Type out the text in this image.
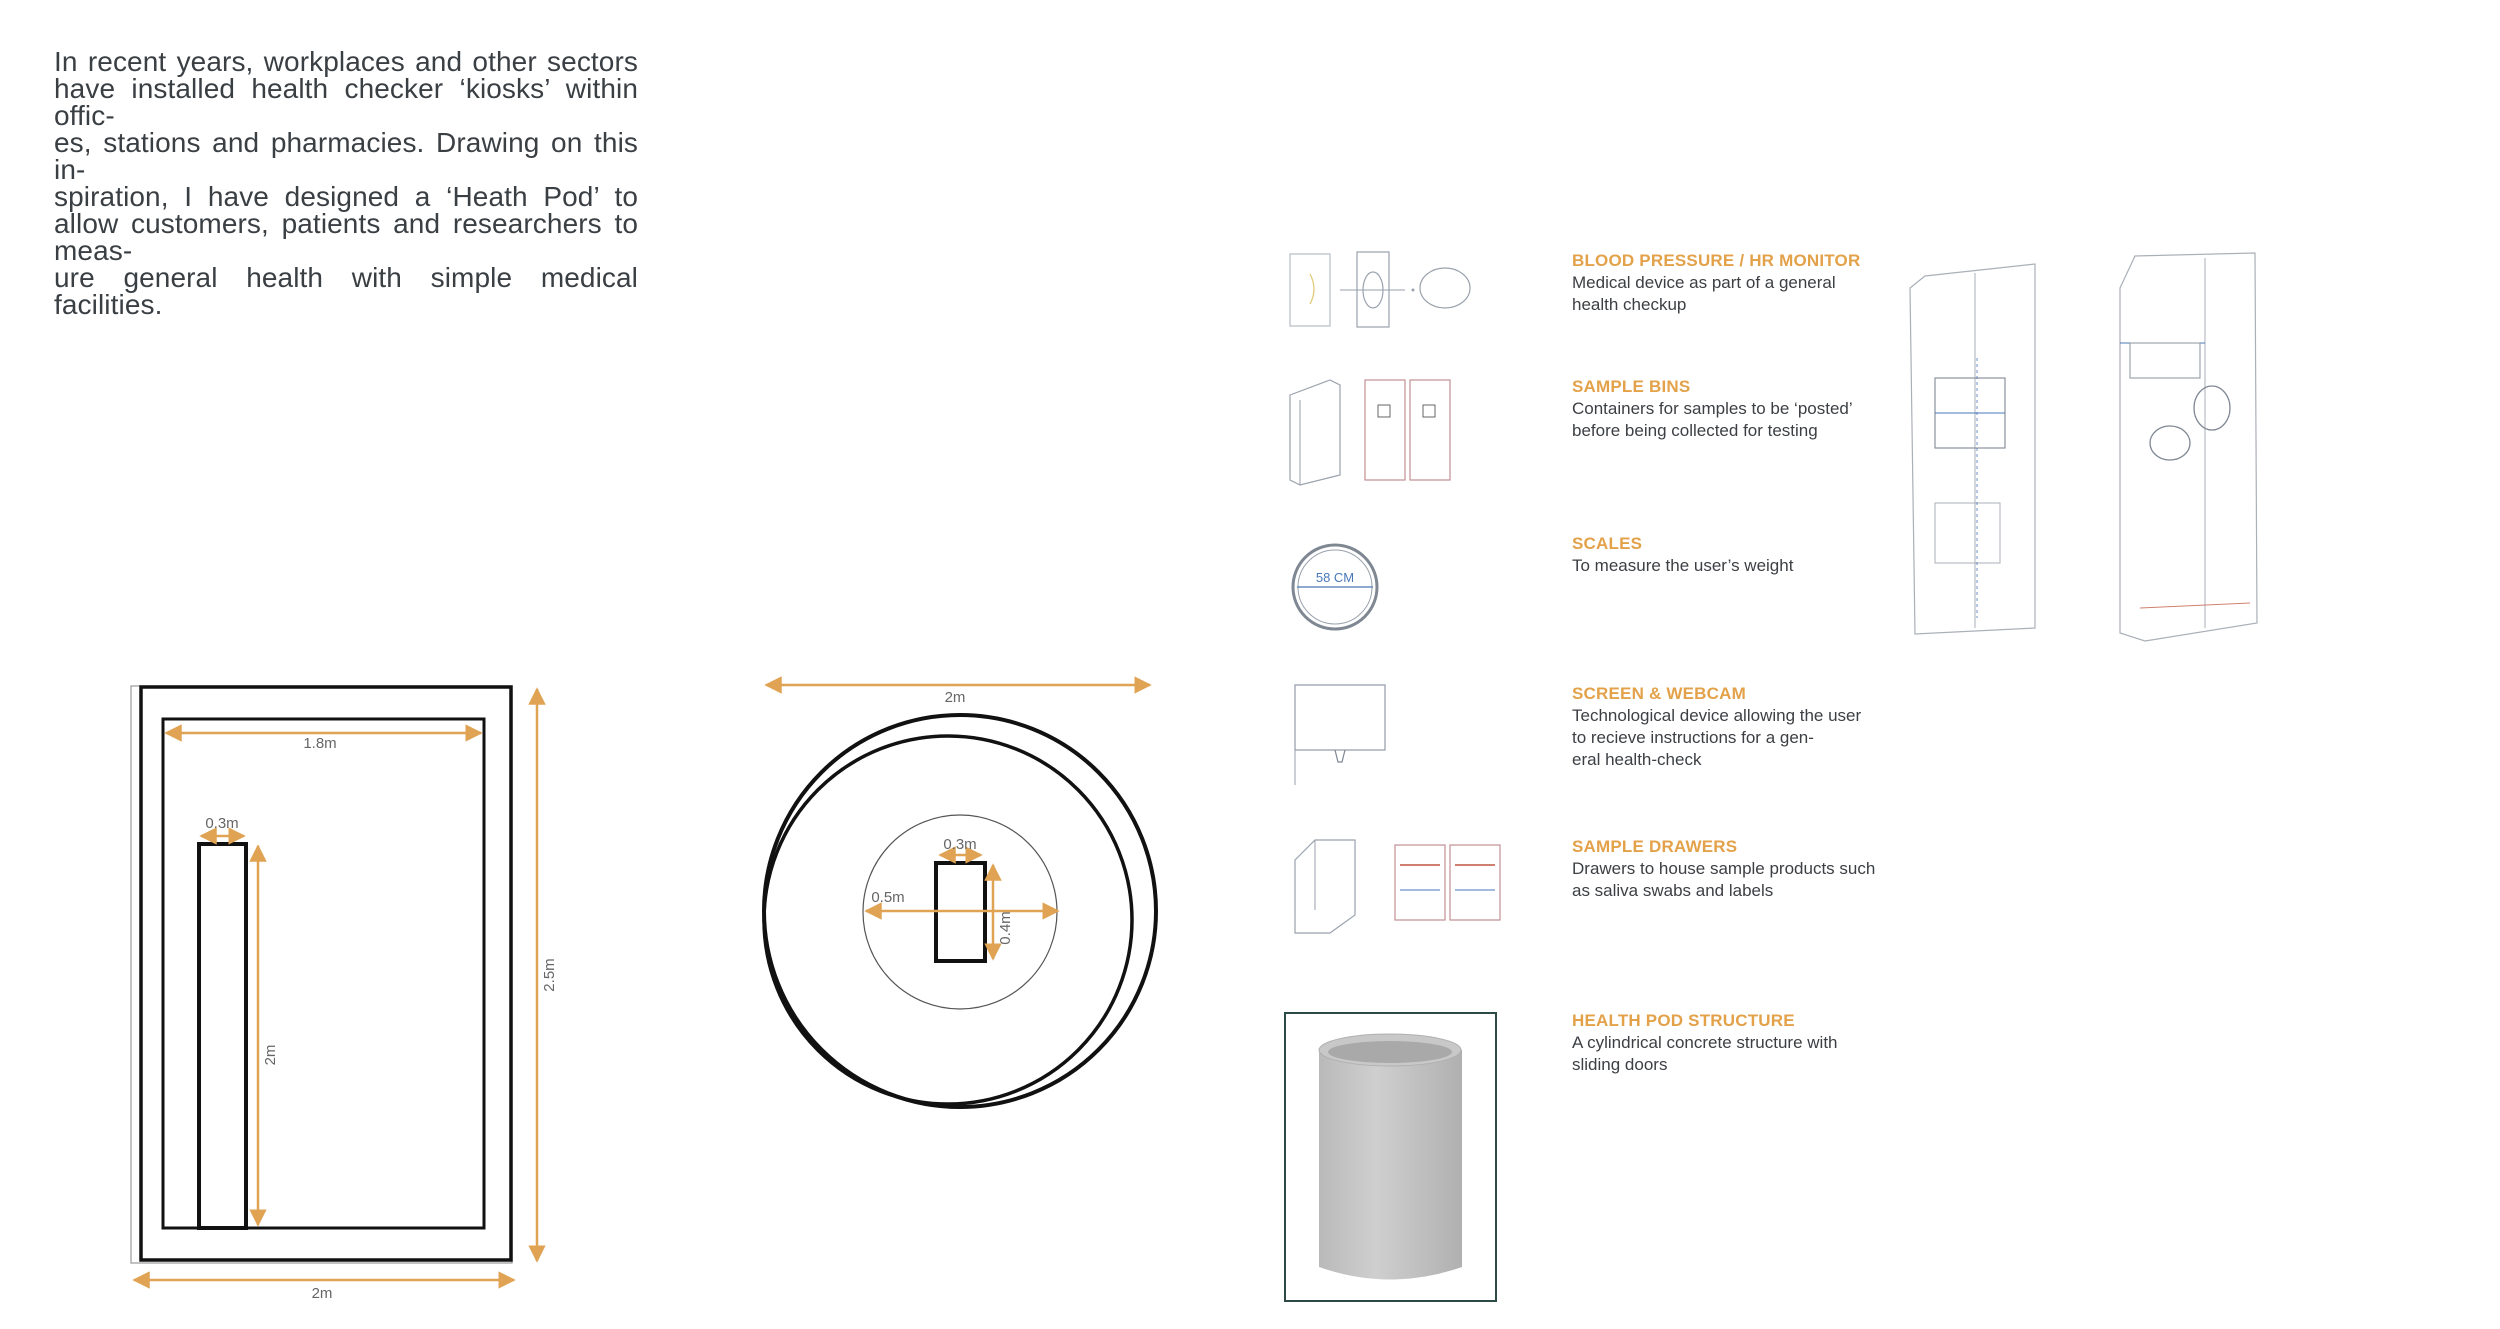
In recent years, workplaces and other sectors have installed health checker ‘kiosks’ within offic-
es, stations and pharmacies. Drawing on this in-
spiration, I have designed a ‘Heath Pod’ to allow customers, patients and researchers to meas-
ure general health with simple medical facilities.
1.8m
0.3m
2m
2.5m
2m
2m
0.3m
0.5m
0.4m
58 CM
BLOOD PRESSURE / HR MONITOR
Medical device as part of a general health checkup
SAMPLE BINS
Containers for samples to be ‘posted’ before being collected for testing
SCALES
To measure the user’s weight
SCREEN & WEBCAM
Technological device allowing the user to recieve instructions for a gen-
eral health-check
SAMPLE DRAWERS
Drawers to house sample products such as saliva swabs and labels
HEALTH POD STRUCTURE
A cylindrical concrete structure with sliding doors
